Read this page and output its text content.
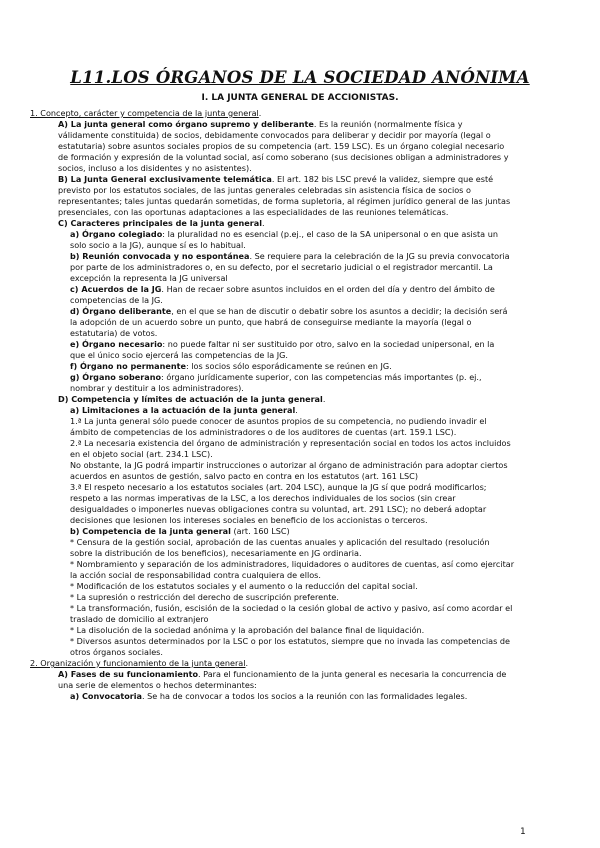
L11.LOS ÓRGANOS DE LA SOCIEDAD ANÓNIMA
I. LA JUNTA GENERAL DE ACCIONISTAS.
1. Concepto, carácter y competencia de la junta general.
A) La junta general como órgano supremo y deliberante. Es la reunión (normalmente física y
válidamente constituida) de socios, debidamente convocados para deliberar y decidir por mayoría (legal o
estatutaria) sobre asuntos sociales propios de su competencia (art. 159 LSC). Es un órgano colegial necesario
de formación y expresión de la voluntad social, así como soberano (sus decisiones obligan a administradores y
socios, incluso a los disidentes y no asistentes).
B) La Junta General exclusivamente telemática. El art. 182 bis LSC prevé la validez, siempre que esté
previsto por los estatutos sociales, de las juntas generales celebradas sin asistencia física de socios o
representantes; tales juntas quedarán sometidas, de forma supletoria, al régimen jurídico general de las juntas
presenciales, con las oportunas adaptaciones a las especialidades de las reuniones telemáticas.
C) Caracteres principales de la junta general.
a) Órgano colegiado: la pluralidad no es esencial (p.ej., el caso de la SA unipersonal o en que asista un
solo socio a la JG), aunque sí es lo habitual.
b) Reunión convocada y no espontánea. Se requiere para la celebración de la JG su previa convocatoria
por parte de los administradores o, en su defecto, por el secretario judicial o el registrador mercantil. La
excepción la representa la JG universal
c) Acuerdos de la JG. Han de recaer sobre asuntos incluidos en el orden del día y dentro del ámbito de
competencias de la JG.
d) Órgano deliberante, en el que se han de discutir o debatir sobre los asuntos a decidir; la decisión será
la adopción de un acuerdo sobre un punto, que habrá de conseguirse mediante la mayoría (legal o
estatutaria) de votos.
e) Órgano necesario: no puede faltar ni ser sustituido por otro, salvo en la sociedad unipersonal, en la
que el único socio ejercerá las competencias de la JG.
f) Órgano no permanente: los socios sólo esporádicamente se reúnen en JG.
g) Órgano soberano: órgano jurídicamente superior, con las competencias más importantes (p. ej.,
nombrar y destituir a los administradores).
D) Competencia y límites de actuación de la junta general.
a) Limitaciones a la actuación de la junta general.
1.ª La junta general sólo puede conocer de asuntos propios de su competencia, no pudiendo invadir el
ámbito de competencias de los administradores o de los auditores de cuentas (art. 159.1 LSC).
2.ª La necesaria existencia del órgano de administración y representación social en todos los actos incluidos
en el objeto social (art. 234.1 LSC).
No obstante, la JG podrá impartir instrucciones o autorizar al órgano de administración para adoptar ciertos
acuerdos en asuntos de gestión, salvo pacto en contra en los estatutos (art. 161 LSC)
3.ª El respeto necesario a los estatutos sociales (art. 204 LSC), aunque la JG sí que podrá modificarlos;
respeto a las normas imperativas de la LSC, a los derechos individuales de los socios (sin crear
desigualdades o imponerles nuevas obligaciones contra su voluntad, art. 291 LSC); no deberá adoptar
decisiones que lesionen los intereses sociales en beneficio de los accionistas o terceros.
b) Competencia de la junta general (art. 160 LSC)
* Censura de la gestión social, aprobación de las cuentas anuales y aplicación del resultado (resolución
sobre la distribución de los beneficios), necesariamente en JG ordinaria.
* Nombramiento y separación de los administradores, liquidadores o auditores de cuentas, así como ejercitar
la acción social de responsabilidad contra cualquiera de ellos.
* Modificación de los estatutos sociales y el aumento o la reducción del capital social.
* La supresión o restricción del derecho de suscripción preferente.
* La transformación, fusión, escisión de la sociedad o la cesión global de activo y pasivo, así como acordar el
traslado de domicilio al extranjero
* La disolución de la sociedad anónima y la aprobación del balance final de liquidación.
* Diversos asuntos determinados por la LSC o por los estatutos, siempre que no invada las competencias de
otros órganos sociales.
2. Organización y funcionamiento de la junta general.
A) Fases de su funcionamiento. Para el funcionamiento de la junta general es necesaria la concurrencia de
una serie de elementos o hechos determinantes:
a) Convocatoria. Se ha de convocar a todos los socios a la reunión con las formalidades legales.
1
